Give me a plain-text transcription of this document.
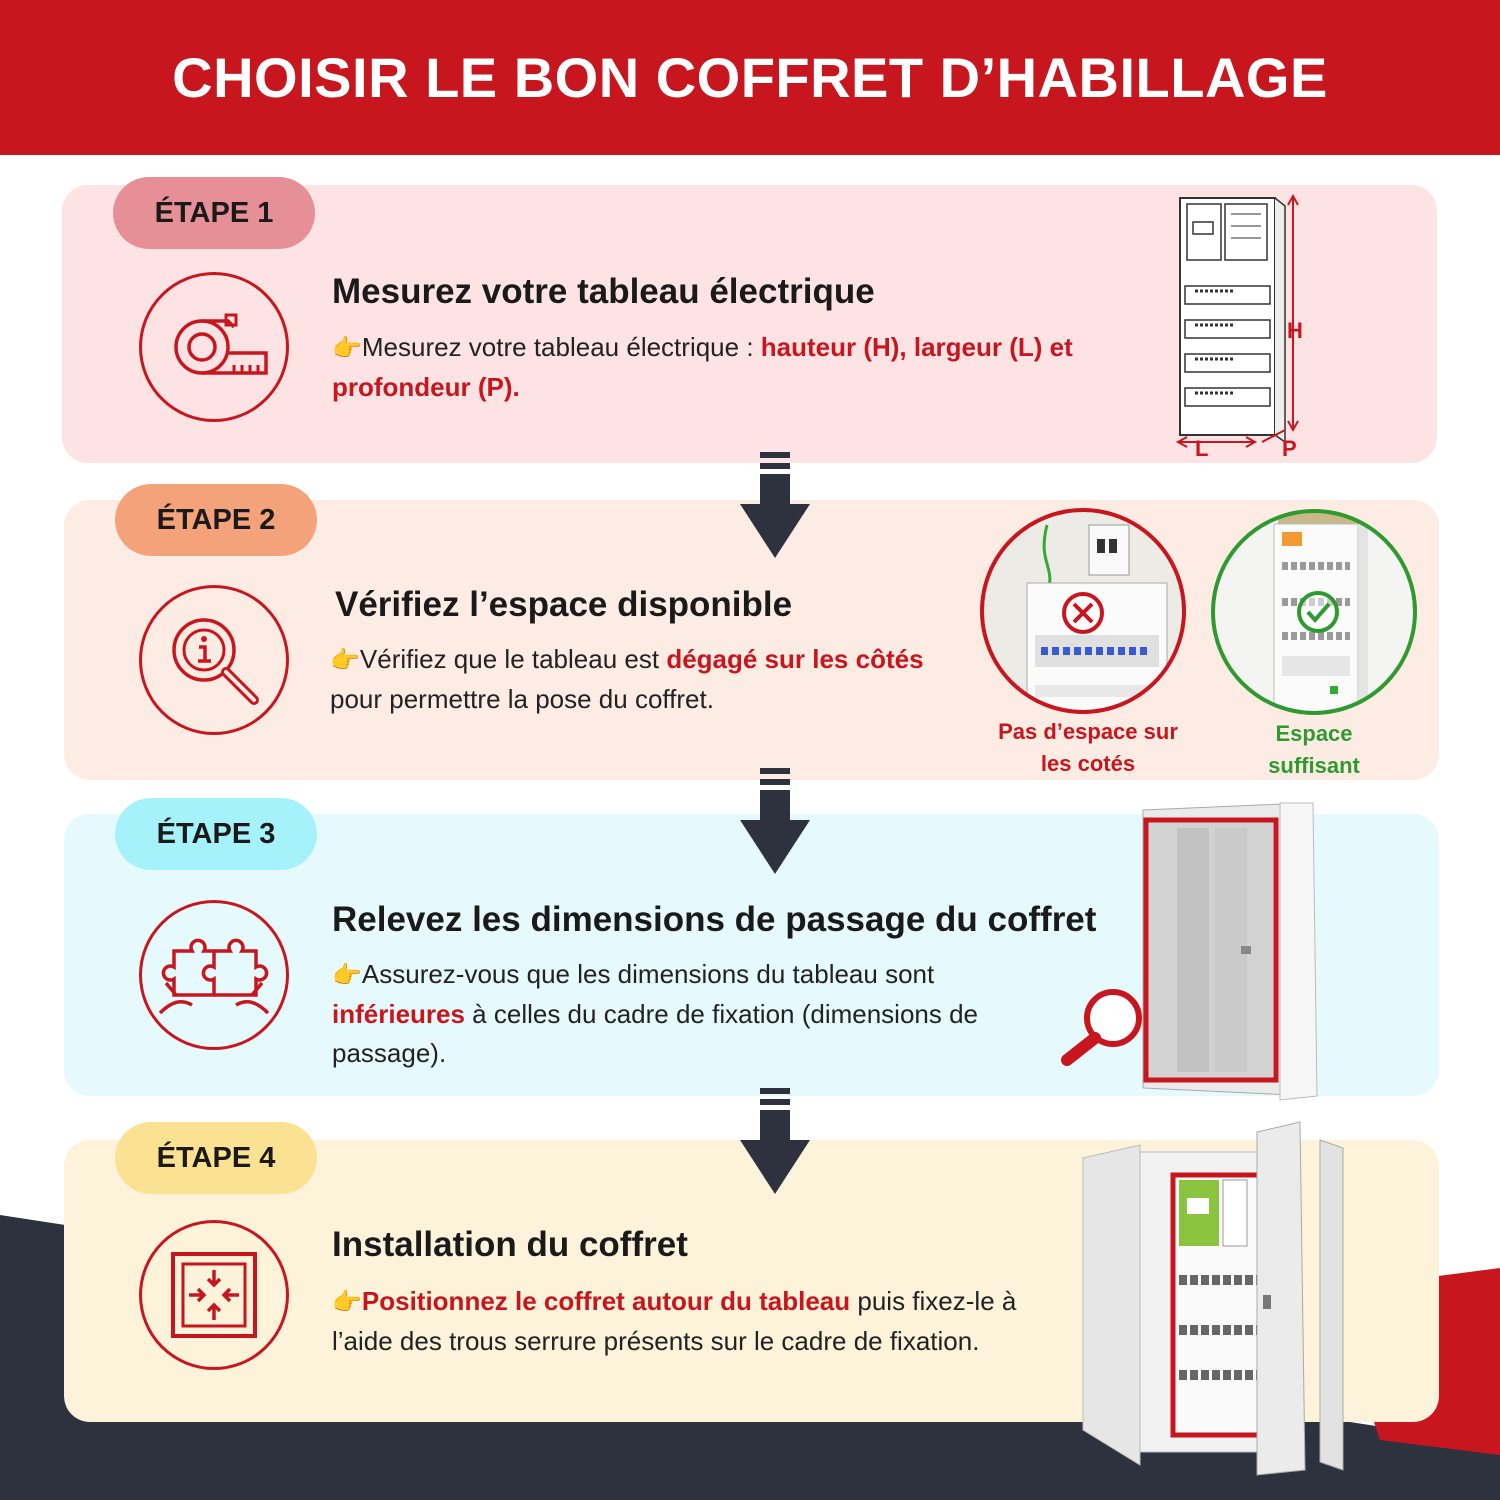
CHOISIR LE BON COFFRET D’HABILLAGE
ÉTAPE 1
Mesurez votre tableau électrique
👉Mesurez votre tableau électrique : hauteur (H), largeur (L) et profondeur (P).
H
L	P
ÉTAPE 2
Vérifiez l’espace disponible
👉Vérifiez que le tableau est dégagé sur les côtés pour permettre la pose du coffret.
Pas d’espace sur les cotés
Espace suffisant
ÉTAPE 3
Relevez les dimensions de passage du coffret
👉Assurez-vous que les dimensions du tableau sont inférieures à celles du cadre de fixation (dimensions de passage).
ÉTAPE 4
Installation du coffret
👉Positionnez le coffret autour du tableau puis fixez-le à l’aide des trous serrure présents sur le cadre de fixation.
